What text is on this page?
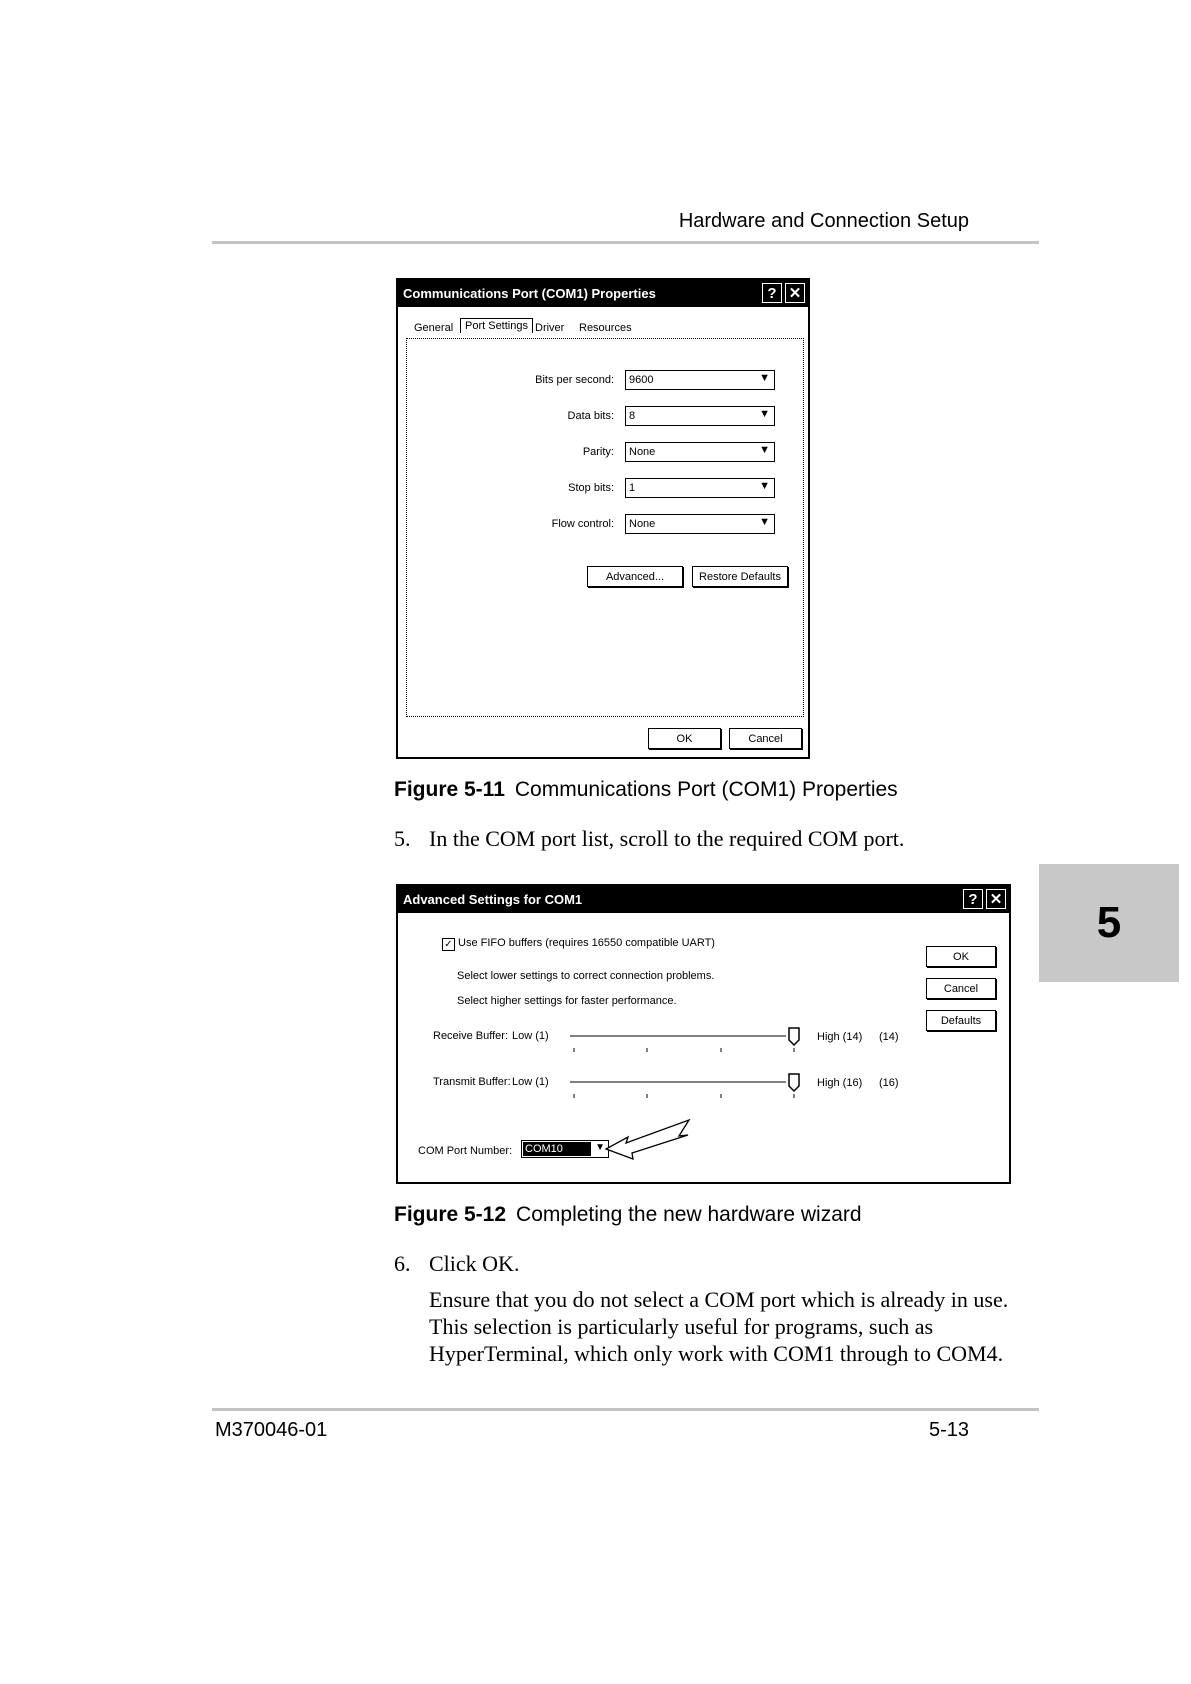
Hardware and Connection Setup
5
Communications Port (COM1) Properties	? ✕
General	Port Settings Driver Resources
Bits per second: 9600	▼
Data bits: 8	▼
Parity: None	▼
Stop bits: 1	▼
Flow control: None	▼
Advanced...	Restore Defaults
OK	Cancel
Figure 5-11 Communications Port (COM1) Properties
5. In the COM port list, scroll to the required COM port.
Advanced Settings for COM1	? ✕
✓ Use FIFO buffers (requires 16550 compatible UART)
Select lower settings to correct connection problems.
Select higher settings for faster performance.
Receive Buffer: Low (1)	High (14) (14)
Transmit Buffer: Low (1)	High (16) (16)
COM Port Number: COM10	▼
OK
Cancel
Defaults
Figure 5-12 Completing the new hardware wizard
6. Click OK.
Ensure that you do not select a COM port which is already in use. This selection is particularly useful for programs, such as HyperTerminal, which only work with COM1 through to COM4.
M370046-01	5-13
